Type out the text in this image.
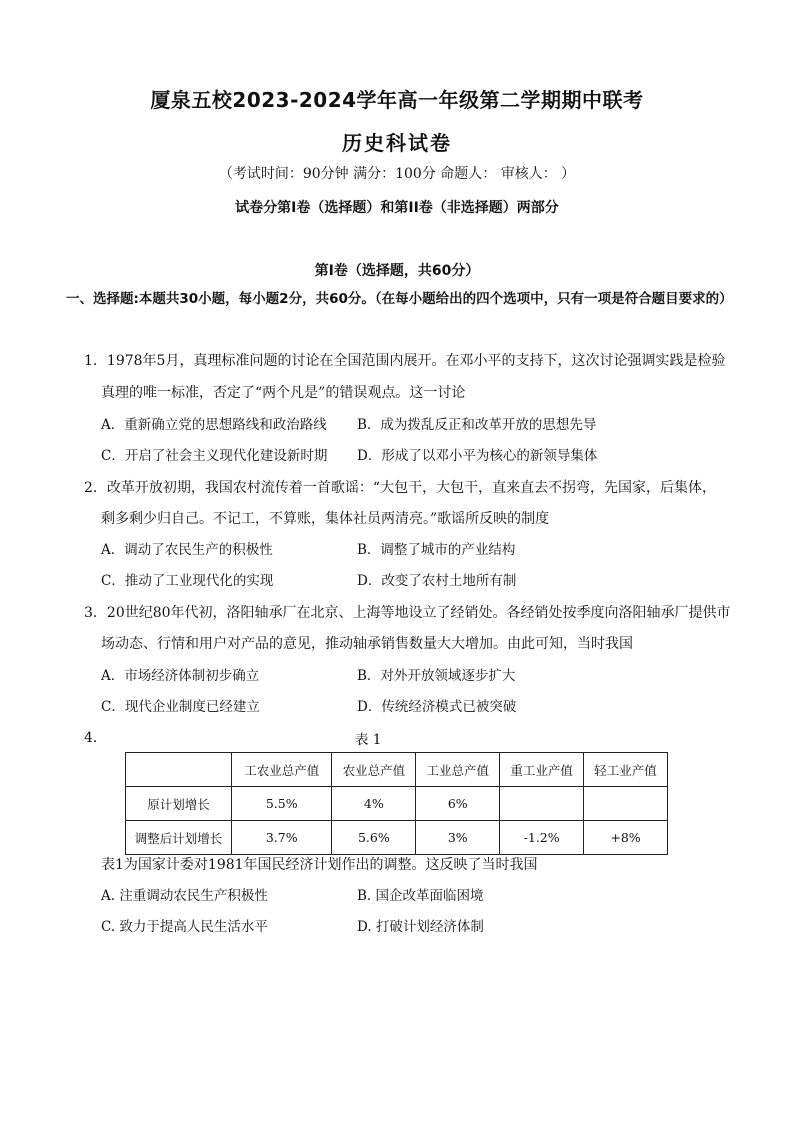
厦泉五校2023-2024学年高一年级第二学期期中联考
历史科试卷
（考试时间：90分钟 满分：100分 命题人： 审核人： ）
试卷分第I卷（选择题）和第II卷（非选择题）两部分
第I卷（选择题，共60分）
一、选择题:本题共30小题，每小题2分，共60分。（在每小题给出的四个选项中，只有一项是符合题目要求的）
1．1978年5月，真理标准问题的讨论在全国范围内展开。在邓小平的支持下，这次讨论强调实践是检验
真理的唯一标准，否定了“两个凡是”的错误观点。这一讨论
A．重新确立党的思想路线和政治路线 B．成为拨乱反正和改革开放的思想先导
C．开启了社会主义现代化建设新时期 D．形成了以邓小平为核心的新领导集体
2．改革开放初期，我国农村流传着一首歌谣：“大包干，大包干，直来直去不拐弯，先国家，后集体，
剩多剩少归自己。不记工，不算账，集体社员两清亮。”歌谣所反映的制度
A．调动了农民生产的积极性	B．调整了城市的产业结构
C．推动了工业现代化的实现	D．改变了农村土地所有制
3．20世纪80年代初，洛阳轴承厂在北京、上海等地设立了经销处。各经销处按季度向洛阳轴承厂提供市
场动态、行情和用户对产品的意见，推动轴承销售数量大大增加。由此可知，当时我国
A．市场经济体制初步确立	B．对外开放领域逐步扩大
C．现代企业制度已经建立	D．传统经济模式已被突破
4．	表 1
	工农业总产值	农业总产值	工业总产值	重工业产值	轻工业产值
原计划增长	5.5%	4%	6%		
调整后计划增长	3.7%	5.6%	3%	-1.2%	+8%
表1为国家计委对1981年国民经济计划作出的调整。这反映了当时我国
A. 注重调动农民生产积极性	B. 国企改革面临困境
C. 致力于提高人民生活水平	D. 打破计划经济体制
